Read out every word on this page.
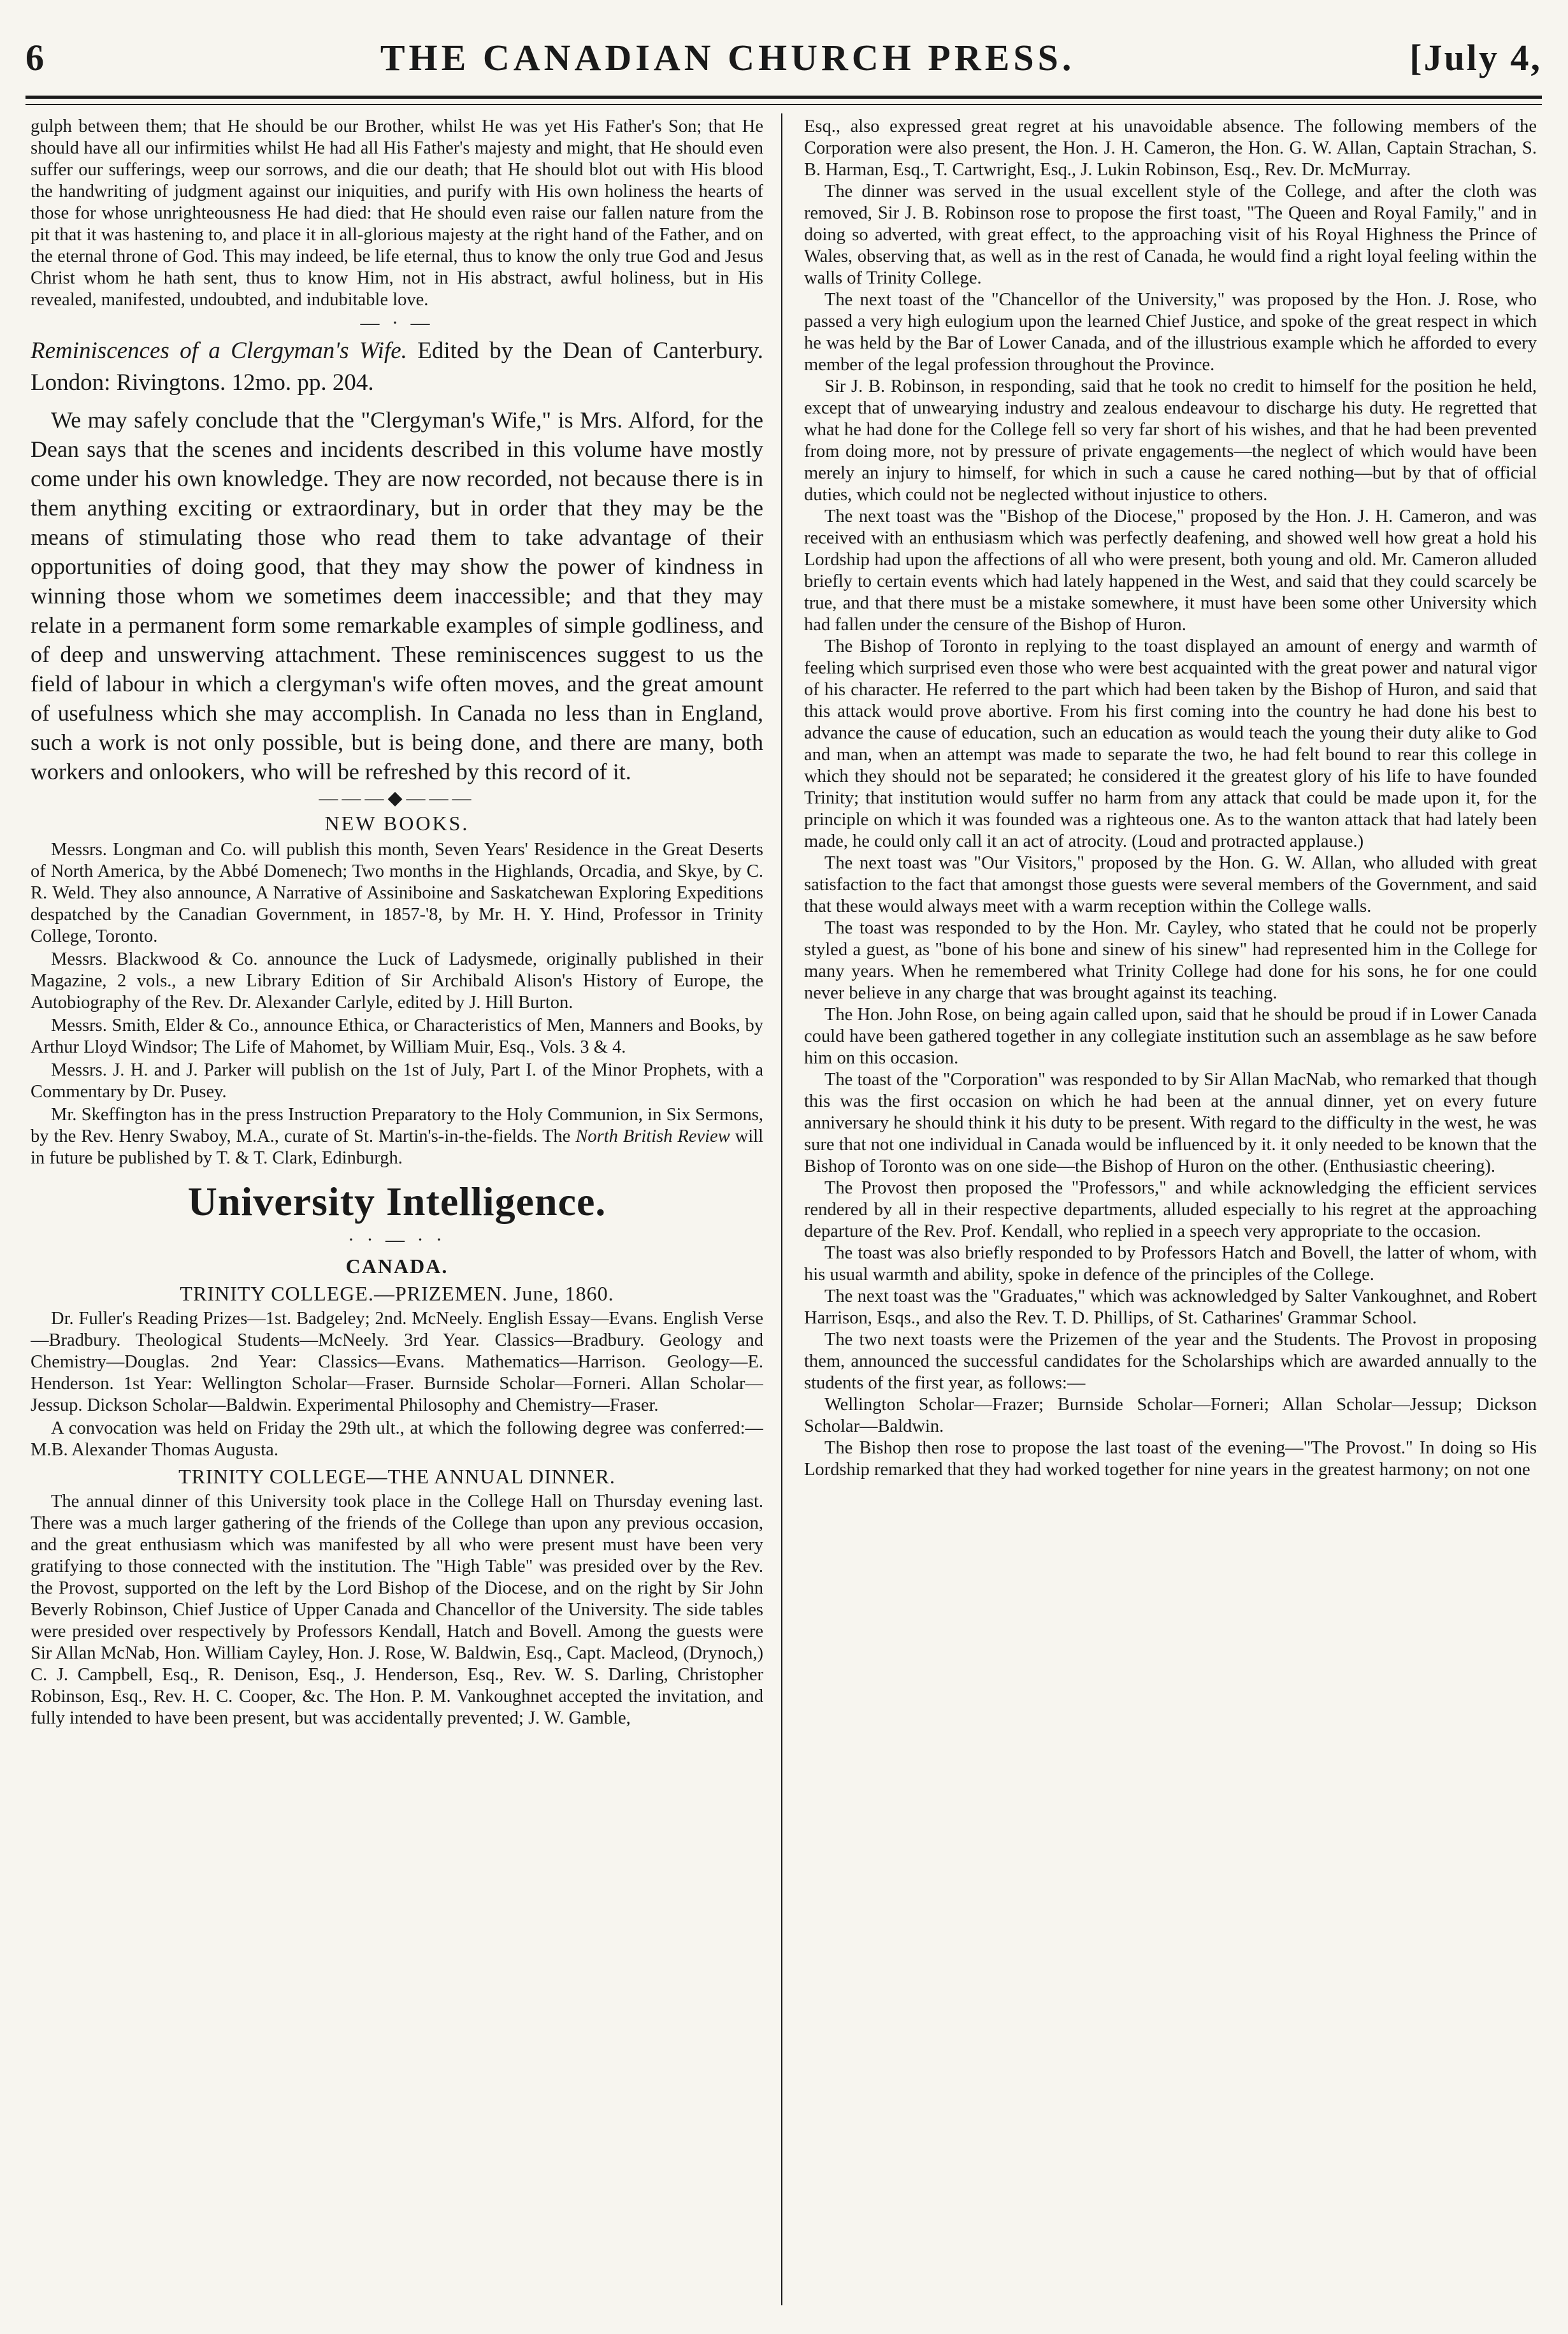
6	THE CANADIAN CHURCH PRESS.	[July 4,

gulph between them; that He should be our Brother, whilst He was yet His Father's Son; that He should have all our infirmities whilst He had all His Father's majesty and might, that He should even suffer our sufferings, weep our sorrows, and die our death; that He should blot out with His blood the handwriting of judgment against our iniquities, and purify with His own holiness the hearts of those for whose unrighteousness He had died: that He should even raise our fallen nature from the pit that it was hastening to, and place it in all-glorious majesty at the right hand of the Father, and on the eternal throne of God. This may indeed, be life eternal, thus to know the only true God and Jesus Christ whom he hath sent, thus to know Him, not in His abstract, awful holiness, but in His revealed, manifested, undoubted, and indubitable love.

— · —

Reminiscences of a Clergyman's Wife. Edited by the Dean of Canterbury. London: Rivingtons. 12mo. pp. 204.

We may safely conclude that the "Clergyman's Wife," is Mrs. Alford, for the Dean says that the scenes and incidents described in this volume have mostly come under his own knowledge. They are now recorded, not because there is in them anything exciting or extraordinary, but in order that they may be the means of stimulating those who read them to take advantage of their opportunities of doing good, that they may show the power of kindness in winning those whom we sometimes deem inaccessible; and that they may relate in a permanent form some remarkable examples of simple godliness, and of deep and unswerving attachment. These reminiscences suggest to us the field of labour in which a clergyman's wife often moves, and the great amount of usefulness which she may accomplish. In Canada no less than in England, such a work is not only possible, but is being done, and there are many, both workers and onlookers, who will be refreshed by this record of it.

———◆———
NEW BOOKS.

Messrs. Longman and Co. will publish this month, Seven Years' Residence in the Great Deserts of North America, by the Abbé Domenech; Two months in the Highlands, Orcadia, and Skye, by C. R. Weld. They also announce, A Narrative of Assiniboine and Saskatchewan Exploring Expeditions despatched by the Canadian Government, in 1857-'8, by Mr. H. Y. Hind, Professor in Trinity College, Toronto.

Messrs. Blackwood & Co. announce the Luck of Ladysmede, originally published in their Magazine, 2 vols., a new Library Edition of Sir Archibald Alison's History of Europe, the Autobiography of the Rev. Dr. Alexander Carlyle, edited by J. Hill Burton.

Messrs. Smith, Elder & Co., announce Ethica, or Characteristics of Men, Manners and Books, by Arthur Lloyd Windsor; The Life of Mahomet, by William Muir, Esq., Vols. 3 & 4.

Messrs. J. H. and J. Parker will publish on the 1st of July, Part I. of the Minor Prophets, with a Commentary by Dr. Pusey.

Mr. Skeffington has in the press Instruction Preparatory to the Holy Communion, in Six Sermons, by the Rev. Henry Swaboy, M.A., curate of St. Martin's-in-the-fields. The North British Review will in future be published by T. & T. Clark, Edinburgh.

University Intelligence.
· · — · ·
CANADA.
TRINITY COLLEGE.—PRIZEMEN. June, 1860.

Dr. Fuller's Reading Prizes—1st. Badgeley; 2nd. McNeely. English Essay—Evans. English Verse—Bradbury. Theological Students—McNeely. 3rd Year. Classics—Bradbury. Geology and Chemistry—Douglas. 2nd Year: Classics—Evans. Mathematics—Harrison. Geology—E. Henderson. 1st Year: Wellington Scholar—Fraser. Burnside Scholar—Forneri. Allan Scholar—Jessup. Dickson Scholar—Baldwin. Experimental Philosophy and Chemistry—Fraser.

A convocation was held on Friday the 29th ult., at which the following degree was conferred:—M.B. Alexander Thomas Augusta.

TRINITY COLLEGE—THE ANNUAL DINNER.

The annual dinner of this University took place in the College Hall on Thursday evening last. There was a much larger gathering of the friends of the College than upon any previous occasion, and the great enthusiasm which was manifested by all who were present must have been very gratifying to those connected with the institution. The "High Table" was presided over by the Rev. the Provost, supported on the left by the Lord Bishop of the Diocese, and on the right by Sir John Beverly Robinson, Chief Justice of Upper Canada and Chancellor of the University. The side tables were presided over respectively by Professors Kendall, Hatch and Bovell. Among the guests were Sir Allan McNab, Hon. William Cayley, Hon. J. Rose, W. Baldwin, Esq., Capt. Macleod, (Drynoch,) C. J. Campbell, Esq., R. Denison, Esq., J. Henderson, Esq., Rev. W. S. Darling, Christopher Robinson, Esq., Rev. H. C. Cooper, &c. The Hon. P. M. Vankoughnet accepted the invitation, and fully intended to have been present, but was accidentally prevented; J. W. Gamble,

Esq., also expressed great regret at his unavoidable absence. The following members of the Corporation were also present, the Hon. J. H. Cameron, the Hon. G. W. Allan, Captain Strachan, S. B. Harman, Esq., T. Cartwright, Esq., J. Lukin Robinson, Esq., Rev. Dr. McMurray.

The dinner was served in the usual excellent style of the College, and after the cloth was removed, Sir J. B. Robinson rose to propose the first toast, "The Queen and Royal Family," and in doing so adverted, with great effect, to the approaching visit of his Royal Highness the Prince of Wales, observing that, as well as in the rest of Canada, he would find a right loyal feeling within the walls of Trinity College.

The next toast of the "Chancellor of the University," was proposed by the Hon. J. Rose, who passed a very high eulogium upon the learned Chief Justice, and spoke of the great respect in which he was held by the Bar of Lower Canada, and of the illustrious example which he afforded to every member of the legal profession throughout the Province.

Sir J. B. Robinson, in responding, said that he took no credit to himself for the position he held, except that of unwearying industry and zealous endeavour to discharge his duty. He regretted that what he had done for the College fell so very far short of his wishes, and that he had been prevented from doing more, not by pressure of private engagements—the neglect of which would have been merely an injury to himself, for which in such a cause he cared nothing—but by that of official duties, which could not be neglected without injustice to others.

The next toast was the "Bishop of the Diocese," proposed by the Hon. J. H. Cameron, and was received with an enthusiasm which was perfectly deafening, and showed well how great a hold his Lordship had upon the affections of all who were present, both young and old. Mr. Cameron alluded briefly to certain events which had lately happened in the West, and said that they could scarcely be true, and that there must be a mistake somewhere, it must have been some other University which had fallen under the censure of the Bishop of Huron.

The Bishop of Toronto in replying to the toast displayed an amount of energy and warmth of feeling which surprised even those who were best acquainted with the great power and natural vigor of his character. He referred to the part which had been taken by the Bishop of Huron, and said that this attack would prove abortive. From his first coming into the country he had done his best to advance the cause of education, such an education as would teach the young their duty alike to God and man, when an attempt was made to separate the two, he had felt bound to rear this college in which they should not be separated; he considered it the greatest glory of his life to have founded Trinity; that institution would suffer no harm from any attack that could be made upon it, for the principle on which it was founded was a righteous one. As to the wanton attack that had lately been made, he could only call it an act of atrocity. (Loud and protracted applause.)

The next toast was "Our Visitors," proposed by the Hon. G. W. Allan, who alluded with great satisfaction to the fact that amongst those guests were several members of the Government, and said that these would always meet with a warm reception within the College walls.

The toast was responded to by the Hon. Mr. Cayley, who stated that he could not be properly styled a guest, as "bone of his bone and sinew of his sinew" had represented him in the College for many years. When he remembered what Trinity College had done for his sons, he for one could never believe in any charge that was brought against its teaching.

The Hon. John Rose, on being again called upon, said that he should be proud if in Lower Canada could have been gathered together in any collegiate institution such an assemblage as he saw before him on this occasion.

The toast of the "Corporation" was responded to by Sir Allan MacNab, who remarked that though this was the first occasion on which he had been at the annual dinner, yet on every future anniversary he should think it his duty to be present. With regard to the difficulty in the west, he was sure that not one individual in Canada would be influenced by it. it only needed to be known that the Bishop of Toronto was on one side—the Bishop of Huron on the other. (Enthusiastic cheering).

The Provost then proposed the "Professors," and while acknowledging the efficient services rendered by all in their respective departments, alluded especially to his regret at the approaching departure of the Rev. Prof. Kendall, who replied in a speech very appropriate to the occasion.

The toast was also briefly responded to by Professors Hatch and Bovell, the latter of whom, with his usual warmth and ability, spoke in defence of the principles of the College.

The next toast was the "Graduates," which was acknowledged by Salter Vankoughnet, and Robert Harrison, Esqs., and also the Rev. T. D. Phillips, of St. Catharines' Grammar School.

The two next toasts were the Prizemen of the year and the Students. The Provost in proposing them, announced the successful candidates for the Scholarships which are awarded annually to the students of the first year, as follows:—

Wellington Scholar—Frazer; Burnside Scholar—Forneri; Allan Scholar—Jessup; Dickson Scholar—Baldwin.

The Bishop then rose to propose the last toast of the evening—"The Provost." In doing so His Lordship remarked that they had worked together for nine years in the greatest harmony; on not one
